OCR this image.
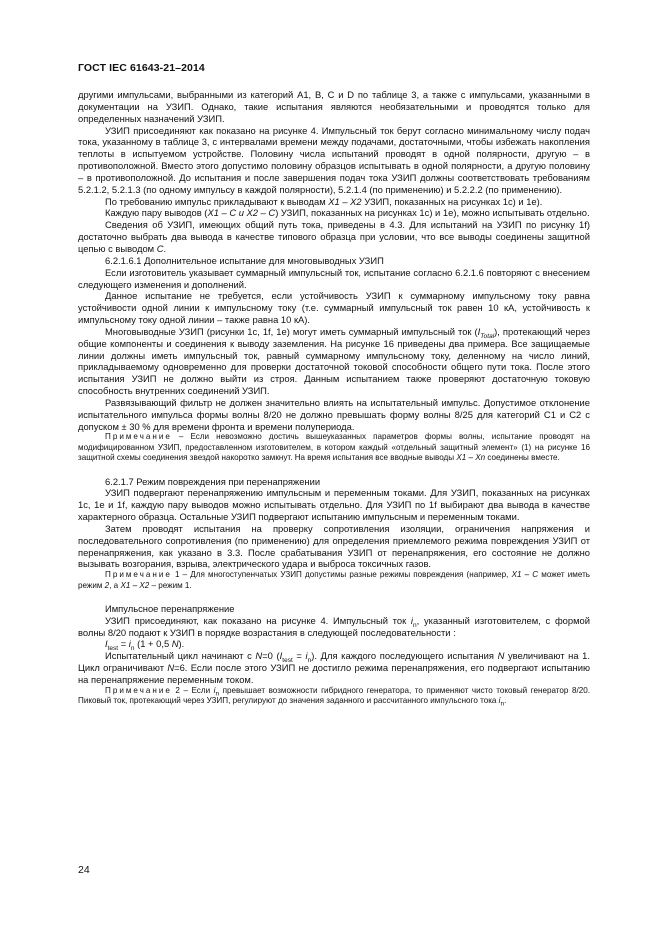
ГОСТ IEC 61643-21–2014

другими импульсами, выбранными из категорий А1, В, С и D по таблице 3, а также с импульсами, указанными в документации на УЗИП. Однако, такие испытания являются необязательными и проводятся только для определенных назначений УЗИП.

УЗИП присоединяют как показано на рисунке 4. Импульсный ток берут согласно минимальному числу подач тока, указанному в таблице 3, с интервалами времени между подачами, достаточными, чтобы избежать накопления теплоты в испытуемом устройстве. Половину числа испытаний проводят в одной полярности, другую – в противоположной. Вместо этого допустимо половину образцов испытывать в одной полярности, а другую половину – в противоположной. До испытания и после завершения подач тока УЗИП должны соответствовать требованиям 5.2.1.2, 5.2.1.3 (по одному импульсу в каждой полярности), 5.2.1.4 (по применению) и 5.2.2.2 (по применению).

По требованию импульс прикладывают к выводам X1 – X2 УЗИП, показанных на рисунках 1с) и 1е).

Каждую пару выводов (X1 – C и X2 – C) УЗИП, показанных на рисунках 1с) и 1е), можно испытывать отдельно.

Сведения об УЗИП, имеющих общий путь тока, приведены в 4.3. Для испытаний на УЗИП по рисунку 1f) достаточно выбрать два вывода в качестве типового образца при условии, что все выводы соединены защитной цепью с выводом С.

6.2.1.6.1 Дополнительное испытание для многовыводных УЗИП

Если изготовитель указывает суммарный импульсный ток, испытание согласно 6.2.1.6 повторяют с внесением следующего изменения и дополнений.

Данное испытание не требуется, если устойчивость УЗИП к суммарному импульсному току равна устойчивости одной линии к импульсному току (т.е. суммарный импульсный ток равен 10 кА, устойчивость к импульсному току одной линии – также равна 10 кА).

Многовыводные УЗИП (рисунки 1с, 1f, 1e) могут иметь суммарный импульсный ток $(I_{Total})$, протекающий через общие компоненты и соединения к выводу заземления. На рисунке 16 приведены два примера. Все защищаемые линии должны иметь импульсный ток, равный суммарному импульсному току, деленному на число линий, прикладываемому одновременно для проверки достаточной токовой способности общего пути тока. После этого испытания УЗИП не должно выйти из строя. Данным испытанием также проверяют достаточную токовую способность внутренних соединений УЗИП.

Развязывающий фильтр не должен значительно влиять на испытательный импульс. Допустимое отклонение испытательного импульса формы волны 8/20 не должно превышать форму волны 8/25 для категорий С1 и С2 с допуском ± 30 % для времени фронта и времени полупериода.

Примечание – Если невозможно достичь вышеуказанных параметров формы волны, испытание проводят на модифицированном УЗИП, предоставленном изготовителем, в котором каждый «отдельный защитный элемент» (1) на рисунке 16 защитной схемы соединения звездой накоротко замкнут. На время испытания все вводные выводы X1 – Xn соединены вместе.

6.2.1.7 Режим повреждения при перенапряжении

УЗИП подвергают перенапряжению импульсным и переменным токами. Для УЗИП, показанных на рисунках 1с, 1е и 1f, каждую пару выводов можно испытывать отдельно. Для УЗИП по 1f выбирают два вывода в качестве характерного образца. Остальные УЗИП подвергают испытанию импульсным и переменным токами.

Затем проводят испытания на проверку сопротивления изоляции, ограничения напряжения и последовательного сопротивления (по применению) для определения приемлемого режима повреждения УЗИП от перенапряжения, как указано в 3.3. После срабатывания УЗИП от перенапряжения, его состояние не должно вызывать возгорания, взрыва, электрического удара и выброса токсичных газов.

Примечание 1 – Для многоступенчатых УЗИП допустимы разные режимы повреждения (например, X1 – C может иметь режим 2, а X1 – X2 – режим 1.

Импульсное перенапряжение

УЗИП присоединяют, как показано на рисунке 4. Импульсный ток $i_n$, указанный изготовителем, с формой волны 8/20 подают к УЗИП в порядке возрастания в следующей последовательности :

$I_{test} = i_n$ (1 + 0,5 N).

Испытательный цикл начинают с N=0 $(I_{test} = i_n)$. Для каждого последующего испытания N увеличивают на 1. Цикл ограничивают N=6. Если после этого УЗИП не достигло режима перенапряжения, его подвергают испытанию на перенапряжение переменным током.

Примечание 2 – Если $i_n$ превышает возможности гибридного генератора, то применяют чисто токовый генератор 8/20. Пиковый ток, протекающий через УЗИП, регулируют до значения заданного и рассчитанного импульсного тока $i_n$.

24
